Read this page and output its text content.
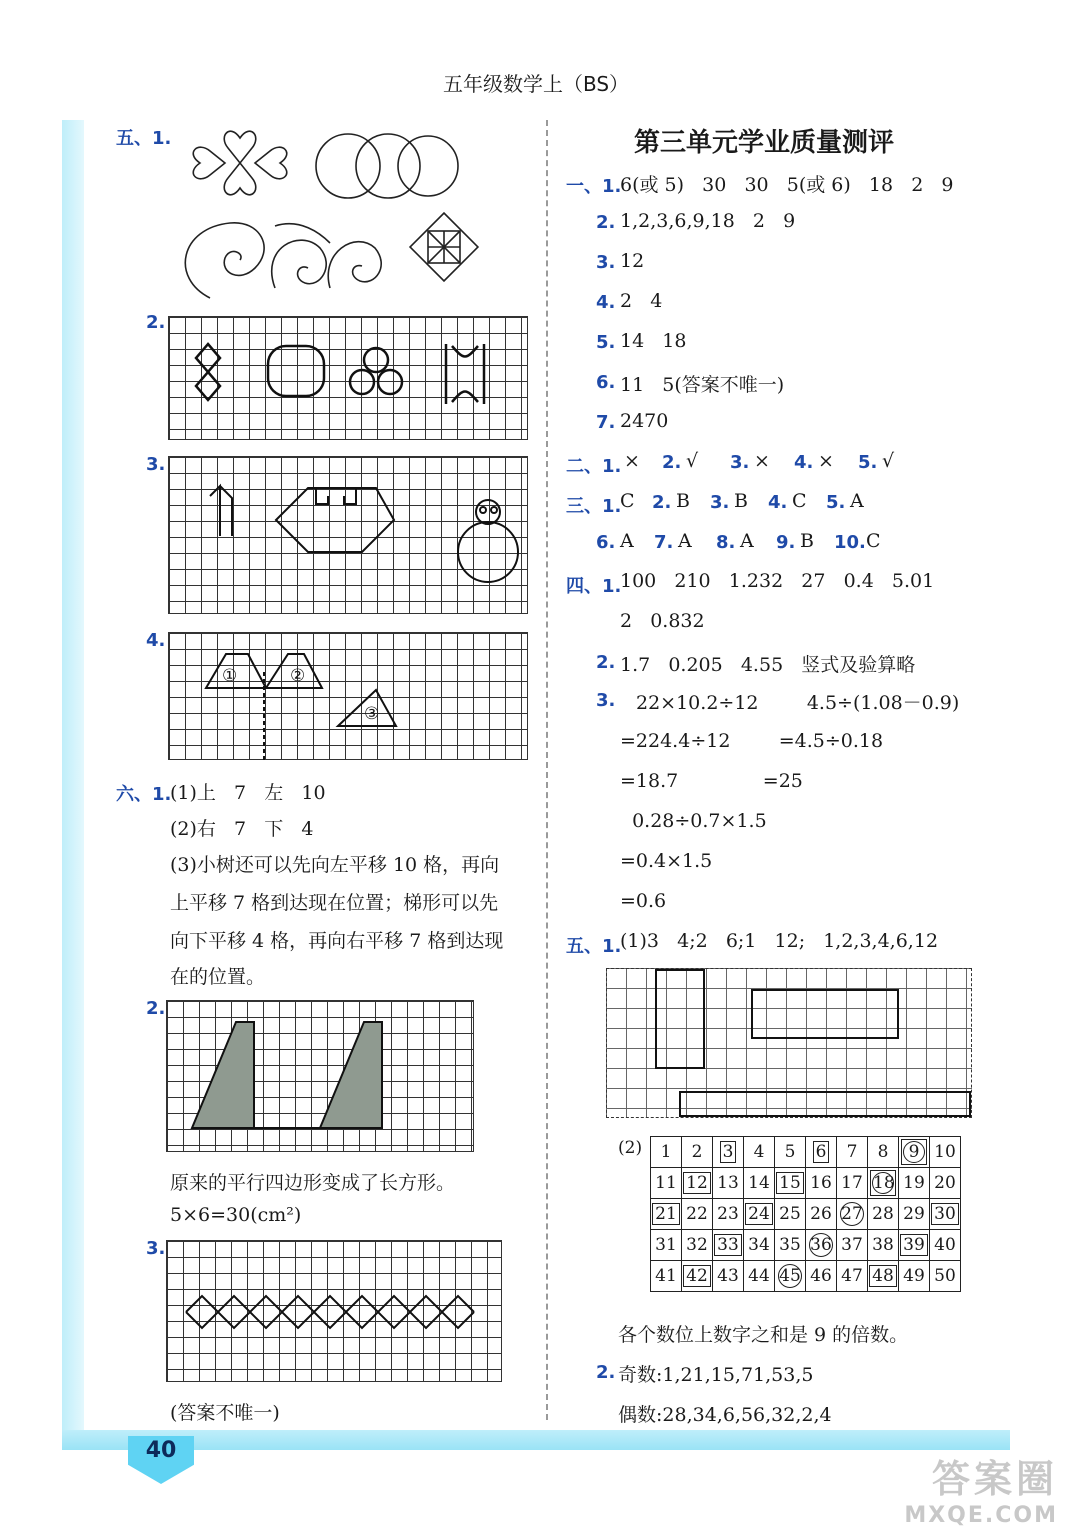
40
五年级数学上（BS）
五、1.
2.
3.
4.
①	②
③
六、1.
(1)上   7   左   10
(2)右   7   下   4
(3)小树还可以先向左平移 10 格，再向
上平移 7 格到达现在位置；梯形可以先
向下平移 4 格，再向右平移 7 格到达现
在的位置。
2.
原来的平行四边形变成了长方形。
5×6=30(cm²)
3.
(答案不唯一)
第三单元学业质量测评
一、1.
6(或 5)   30   30   5(或 6)   18   2   9
2. 1,2,3,6,9,18   2   9
3. 12
4. 2   4
5. 14   18
6. 11   5(答案不唯一)
7. 2470
二、1. × 2. √ 3. × 4. × 5. √
三、1.
C 2. B 3. B 4. C 5. A
6. A 7. A 8. A 9. B 10. C
四、1.
100   210   1.232   27   0.4   5.01
2   0.832
2. 1.7   0.205   4.55   竖式及验算略
3. 22×10.2÷12        4.5÷(1.08－0.9)
=224.4÷12        =4.5÷0.18
=18.7              =25
0.28÷0.7×1.5
=0.4×1.5
=0.6
五、1.
(1)3   4;2   6;1   12;   1,2,3,4,6,12
(2) 1	2	3	4	5	6	7	8	9	10
11	12	13	14	15	16	17	18	19	20
21	22	23	24	25	26	27	28	29	30
31	32	33	34	35	36	37	38	39	40
41	42	43	44	45	46	47	48	49	50
各个数位上数字之和是 9 的倍数。
2. 奇数:1,21,15,71,53,5
偶数:28,34,6,56,32,2,4
答案圈
MXQE.COM
